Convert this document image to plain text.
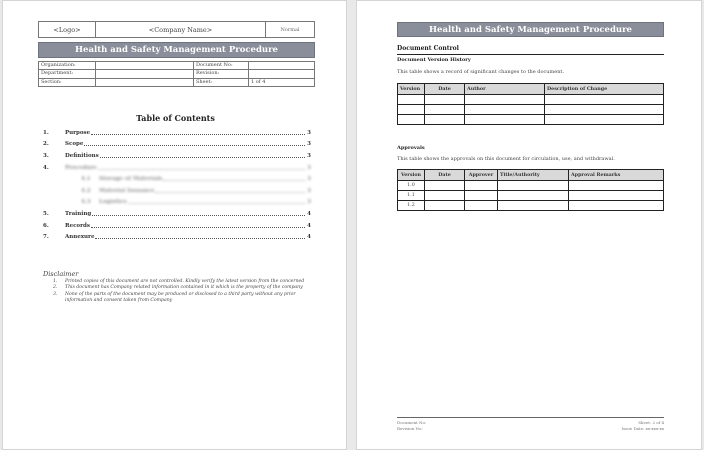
<Logo>	<Company Name>	Normal
Health and Safety Management Procedure
Organization:		Document No:	
Department:		Revision:	
Section:		Sheet:	1 of 4
Table of Contents
1.	Purpose	3
2.	Scope	3
3.	Definitions	3
4.	Procedure	3
4.1 Storage of Materials	3
4.2 Material Issuance	3
4.3 Logistics	3
5.	Training	4
6.	Records	4
7.	Annexure	4
Disclaimer
1.	Printed copies of this document are not controlled. Kindly verify the latest version from the concerned
2.	This document has Company related information contained in it which is the property of the company
3.	None of the parts of the document may be produced or disclosed to a third party without any prior information and consent taken from Company
Health and Safety Management Procedure
Document Control
Document Version History
This table shows a record of significant changes to the document.
Version	Date	Author	Description of Change

Approvals
This table shows the approvals on this document for circulation, use, and withdrawal.
Version	Date	Approver	Title/Authority	Approval Remarks
1.0				
1.1				
1.2				
Document No:
Revision No:
Sheet: 2 of 4
Issue Date: xx-xxx-xx
